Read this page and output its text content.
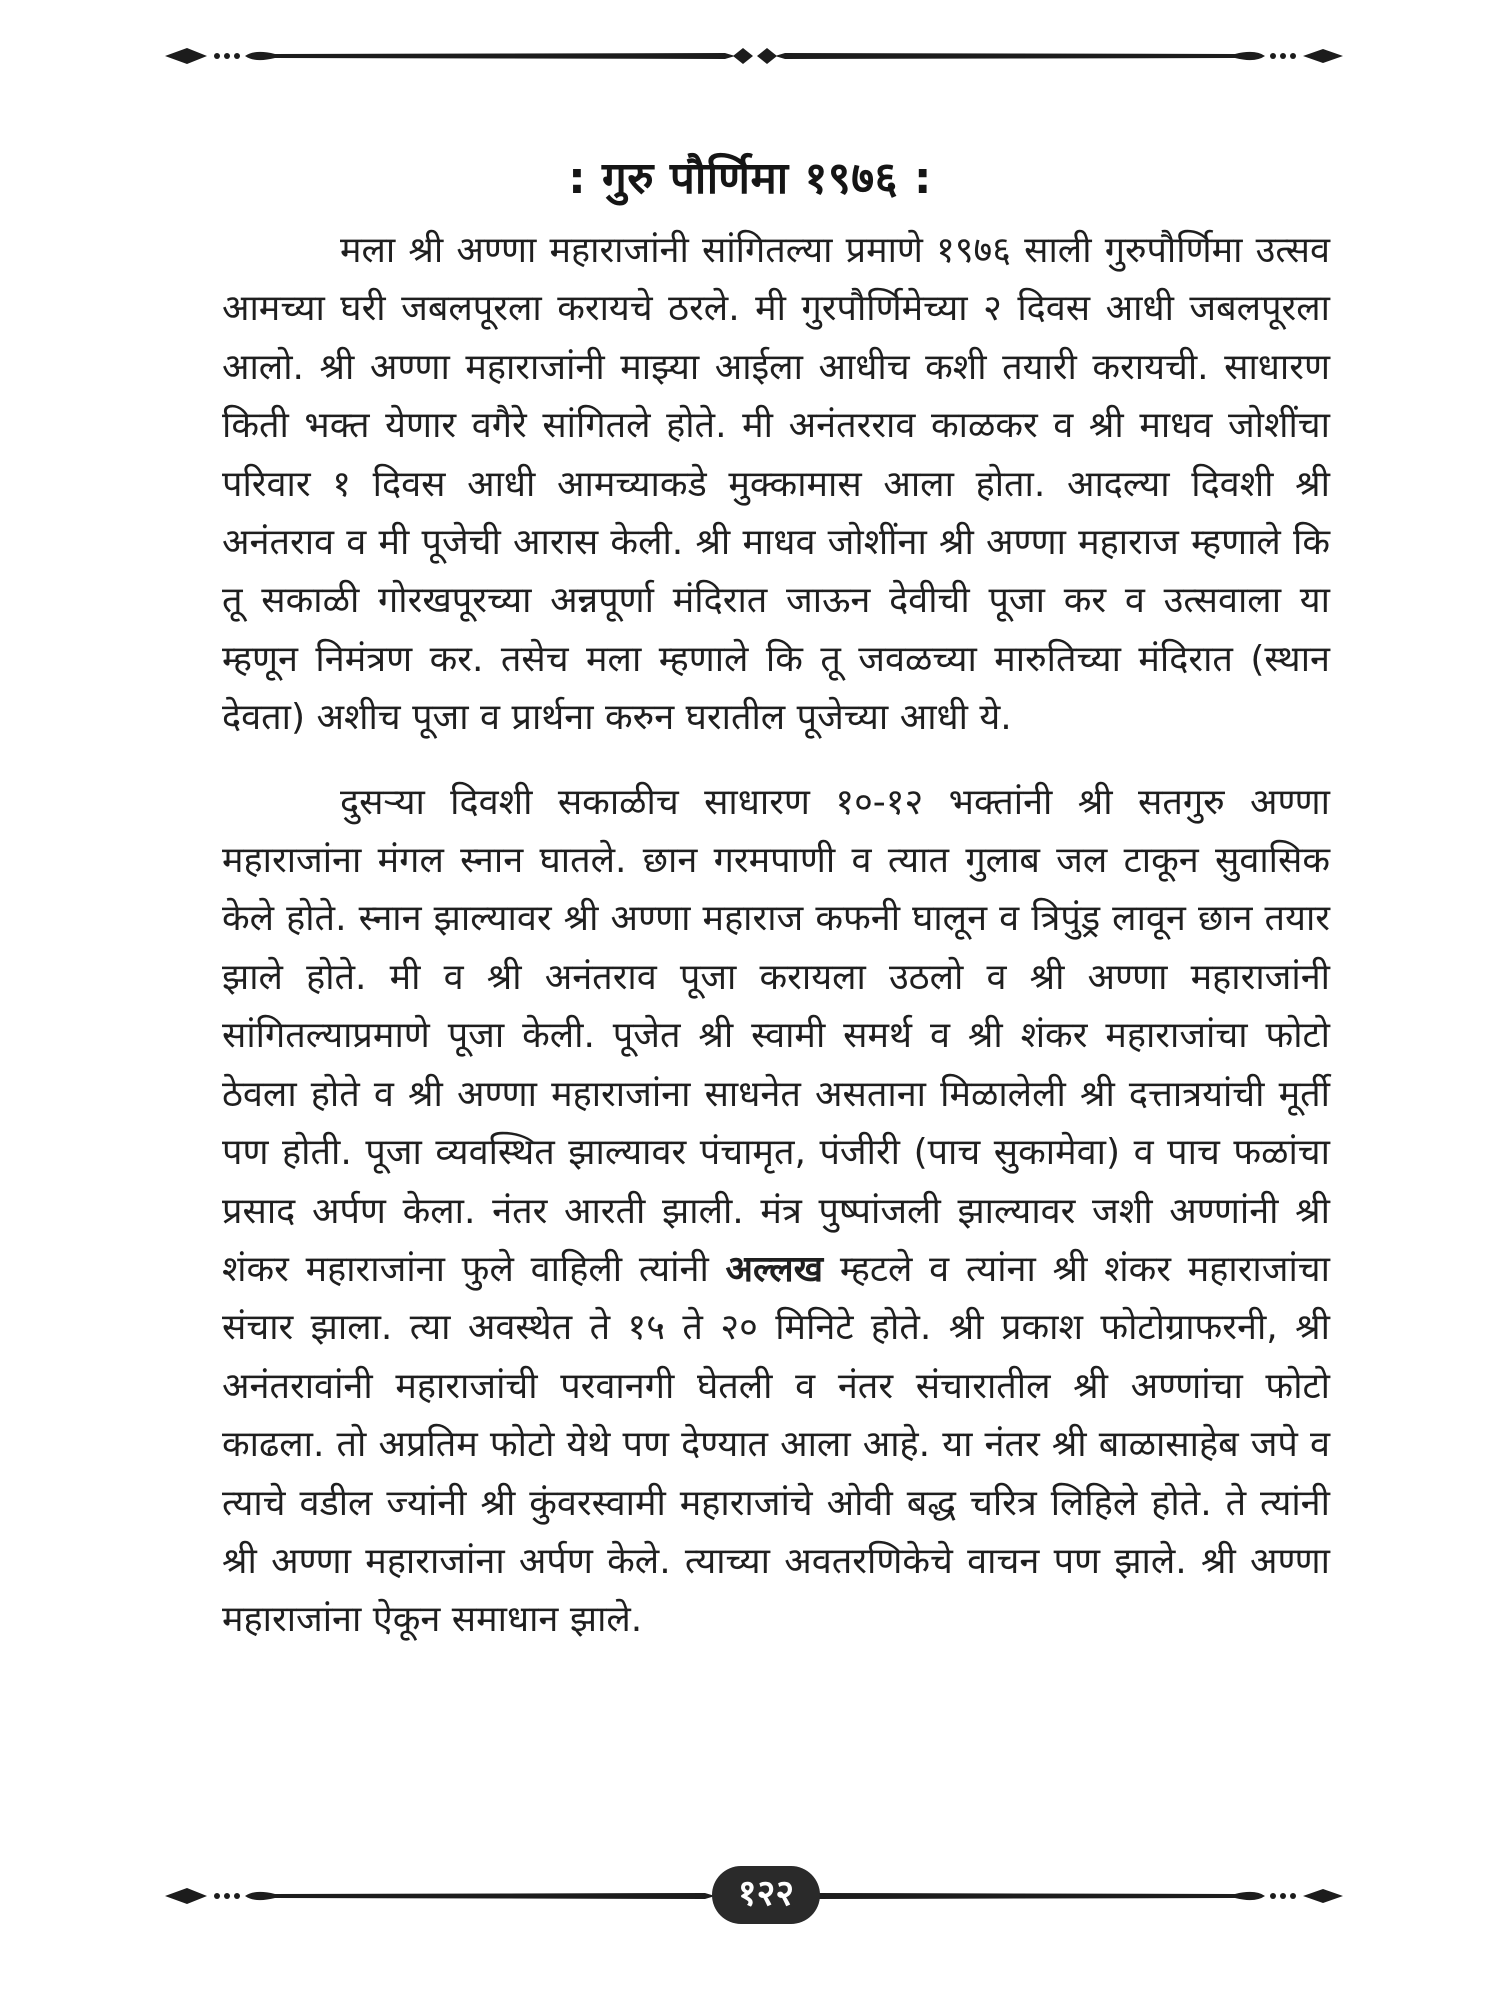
: गुरु पौर्णिमा १९७६ :

मला श्री अण्णा महाराजांनी सांगितल्या प्रमाणे १९७६ साली गुरुपौर्णिमा उत्सव आमच्या घरी जबलपूरला करायचे ठरले. मी गुरपौर्णिमेच्या २ दिवस आधी जबलपूरला आलो. श्री अण्णा महाराजांनी माझ्या आईला आधीच कशी तयारी करायची. साधारण किती भक्त येणार वगैरे सांगितले होते. मी अनंतरराव काळकर व श्री माधव जोशींचा परिवार १ दिवस आधी आमच्याकडे मुक्कामास आला होता. आदल्या दिवशी श्री अनंतराव व मी पूजेची आरास केली. श्री माधव जोशींना श्री अण्णा महाराज म्हणाले कि तू सकाळी गोरखपूरच्या अन्नपूर्णा मंदिरात जाऊन देवीची पूजा कर व उत्सवाला या म्हणून निमंत्रण कर. तसेच मला म्हणाले कि तू जवळच्या मारुतिच्या मंदिरात (स्थान देवता) अशीच पूजा व प्रार्थना करुन घरातील पूजेच्या आधी ये.

दुसऱ्या दिवशी सकाळीच साधारण १०-१२ भक्तांनी श्री सतगुरु अण्णा महाराजांना मंगल स्नान घातले. छान गरमपाणी व त्यात गुलाब जल टाकून सुवासिक केले होते. स्नान झाल्यावर श्री अण्णा महाराज कफनी घालून व त्रिपुंड्र लावून छान तयार झाले होते. मी व श्री अनंतराव पूजा करायला उठलो व श्री अण्णा महाराजांनी सांगितल्याप्रमाणे पूजा केली. पूजेत श्री स्वामी समर्थ व श्री शंकर महाराजांचा फोटो ठेवला होते व श्री अण्णा महाराजांना साधनेत असताना मिळालेली श्री दत्तात्रयांची मूर्ती पण होती. पूजा व्यवस्थित झाल्यावर पंचामृत, पंजीरी (पाच सुकामेवा) व पाच फळांचा प्रसाद अर्पण केला. नंतर आरती झाली. मंत्र पुष्पांजली झाल्यावर जशी अण्णांनी श्री शंकर महाराजांना फुले वाहिली त्यांनी अल्लख म्हटले व त्यांना श्री शंकर महाराजांचा संचार झाला. त्या अवस्थेत ते १५ ते २० मिनिटे होते. श्री प्रकाश फोटोग्राफरनी, श्री अनंतरावांनी महाराजांची परवानगी घेतली व नंतर संचारातील श्री अण्णांचा फोटो काढला. तो अप्रतिम फोटो येथे पण देण्यात आला आहे. या नंतर श्री बाळासाहेब जपे व त्याचे वडील ज्यांनी श्री कुंवरस्वामी महाराजांचे ओवी बद्ध चरित्र लिहिले होते. ते त्यांनी श्री अण्णा महाराजांना अर्पण केले. त्याच्या अवतरणिकेचे वाचन पण झाले. श्री अण्णा महाराजांना ऐकून समाधान झाले.

१२२
